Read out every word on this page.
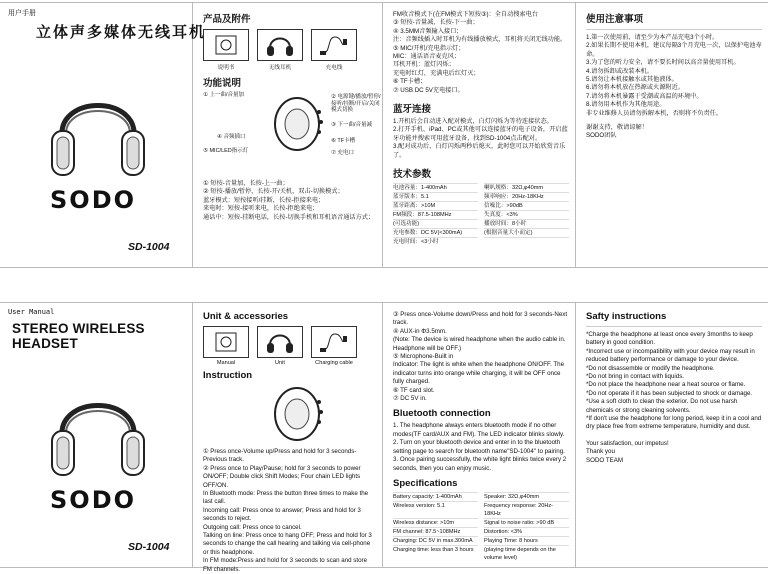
用户手册
立体声多媒体无线耳机
SODO
SD-1004
产品及附件
说明书	无线耳机	充电线
功能说明
① 上一曲/音量加	② 电源键/播放/暂停/接听/挂断/开启/关闭模式切换
③ 下一曲/音量减
④ 音频插口
⑤ MIC/LED指示灯
⑥ TF卡槽
⑦ 充电口
① 短按-音量加，长按-上一曲；
② 短按-播放/暂停，长按-开/关机，双击-切换模式；
蓝牙模式：短按接听/挂断，长按-拒接来电；
来电时：短按-接听来电，长按-拒绝来电；
通话中：短按-挂断电话，长按-切换手机和耳机语音通话方式；
FM收音模式下(在FM模式下短按③)：全自动搜索电台
③ 短按-音量减，长按-下一曲；
④ 3.5MM音频输入接口；
注：音频线插入时耳机为有线播放模式，耳机将关闭无线功能。
⑤ MIC/开机/充电指示灯；
MIC：通话语音麦克风；
耳机开机：蓝灯闪烁；
充电时红灯，充满电后红灯灭；
⑥ TF卡槽；
⑦ USB DC 5V充电接口。
蓝牙连接
1.开机后会自动进入配对模式，白灯闪烁为等待连接状态。
2.打开手机、iPad、PC或其他可以连接蓝牙的电子设备，开启蓝牙功能并搜索可用蓝牙设备，找到SD-1004点击配对。
3.配对成功后，白灯闪烁两秒后熄灭，此时您可以开始欣赏音乐了。
技术参数
电池容量：1-400mAh	喇叭规格：32Ω,φ40mm
蓝牙版本：5.1	频率响应：20Hz-18KHz
蓝牙距离：>10M	信噪比：>90dB
FM频段：87.5-108MHz	失真度：<3%
(可选功能)	播放时间：8小时
充电参数：DC 5V(<300mA)	(根据音量大小而定)
充电时间：<3小时
使用注意事项
1.第一次使用前，请至少为本产品充电3个小时。
2.如果长期不使用本机，建议每隔3个月充电一次，以保护电池寿命。
3.为了您的听力安全，请不要长时间以高音量使用耳机。
4.请勿拆卸或改装本机。
5.请勿让本机接触水或其他液体。
6.请勿将本机放在热源或火源附近。
7.请勿将本机暴露于受潮或高温的环境中。
8.请勿用本机作为其他用途。
非专业维修人员请勿拆解本机，否则将不负责任。
谢谢支持，敬请谅解！
SODO团队
User Manual
STEREO WIRELESS HEADSET
SODO
SD-1004
Unit & accessories
Manual	Unit	Charging cable
Instruction
① Press once-Volume up/Press and hold for 3 seconds-Previous track.
② Press once to Play/Pause; hold for 3 seconds to power ON/OFF; Double click Shift Modes; Four chain LED lights OFF/ON.
In Bluetooth mode: Press the button three times to make the last call.
Incoming call: Press once to answer; Press and hold for 3 seconds to reject.
Outgoing call: Press once to cancel.
Talking on line: Press once to hang OFF; Press and hold for 3 seconds to change the call hearing and talking via cell-phone or this headphone.
In FM mode:Press and hold for 3 seconds to scan and store FM channels.
③ Press once-Volume down/Press and hold for 3 seconds-Next track.
④ AUX-in Φ3.5mm.
(Note: The device is wired headphone when the audio cable in.
Headphone will be OFF.)
⑤ Microphone-Built in
Indicator: The light is white when the headphone ON/OFF. The indicator turns into orange while charging, it will be OFF once fully charged.
⑥ TF card slot.
⑦ DC 5V in.
Bluetooth connection
1. The headphone always enters bluetooth mode if no other modes(TF card/AUX and FM). The LED indicator blinks slowly.
2. Turn on your bluetooth device and enter in to the bluetooth setting page to search for bluetooth name"SD-1004" to pairing.
3. Once pairing successfully, the white light blinks twice every 2 seconds, then you can enjoy music.
Specifications
Battery capacity: 1-400mAh	Speaker: 32Ω,φ40mm
Wireless version: 5.1	Frequency response: 20Hz-18KHz
Wireless distance: >10m	Signal to noise ratio: >90 dB
FM channel: 87.5~108MHz	Distortion: <3%
Charging: DC 5V in max.300mA	Playing Time: 8 hours
Charging time: less than 3 hours	(playing time depends on the volume level)
Safty instructions
*Charge the headphone at least once every 3months to keep battery in good condition.
*Incorrect use or incompatibility with your device may result in reduced battery performance or damage to your device.
*Do not disassemble or modify the headphone.
*Do not bring in contact with liquids.
*Do not place the headphone near a heat source or flame.
*Do not operate if it has been subjected to shock or damage.
*Use a soft cloth to clean the exterior. Do not use harsh chemicals or strong cleaning solvents.
*If don't use the headphone for long period, keep it in a cool and dry place free from extreme temperature, humidity and dust.
Your satisfaction, our impetus!
Thank you
SODO TEAM
